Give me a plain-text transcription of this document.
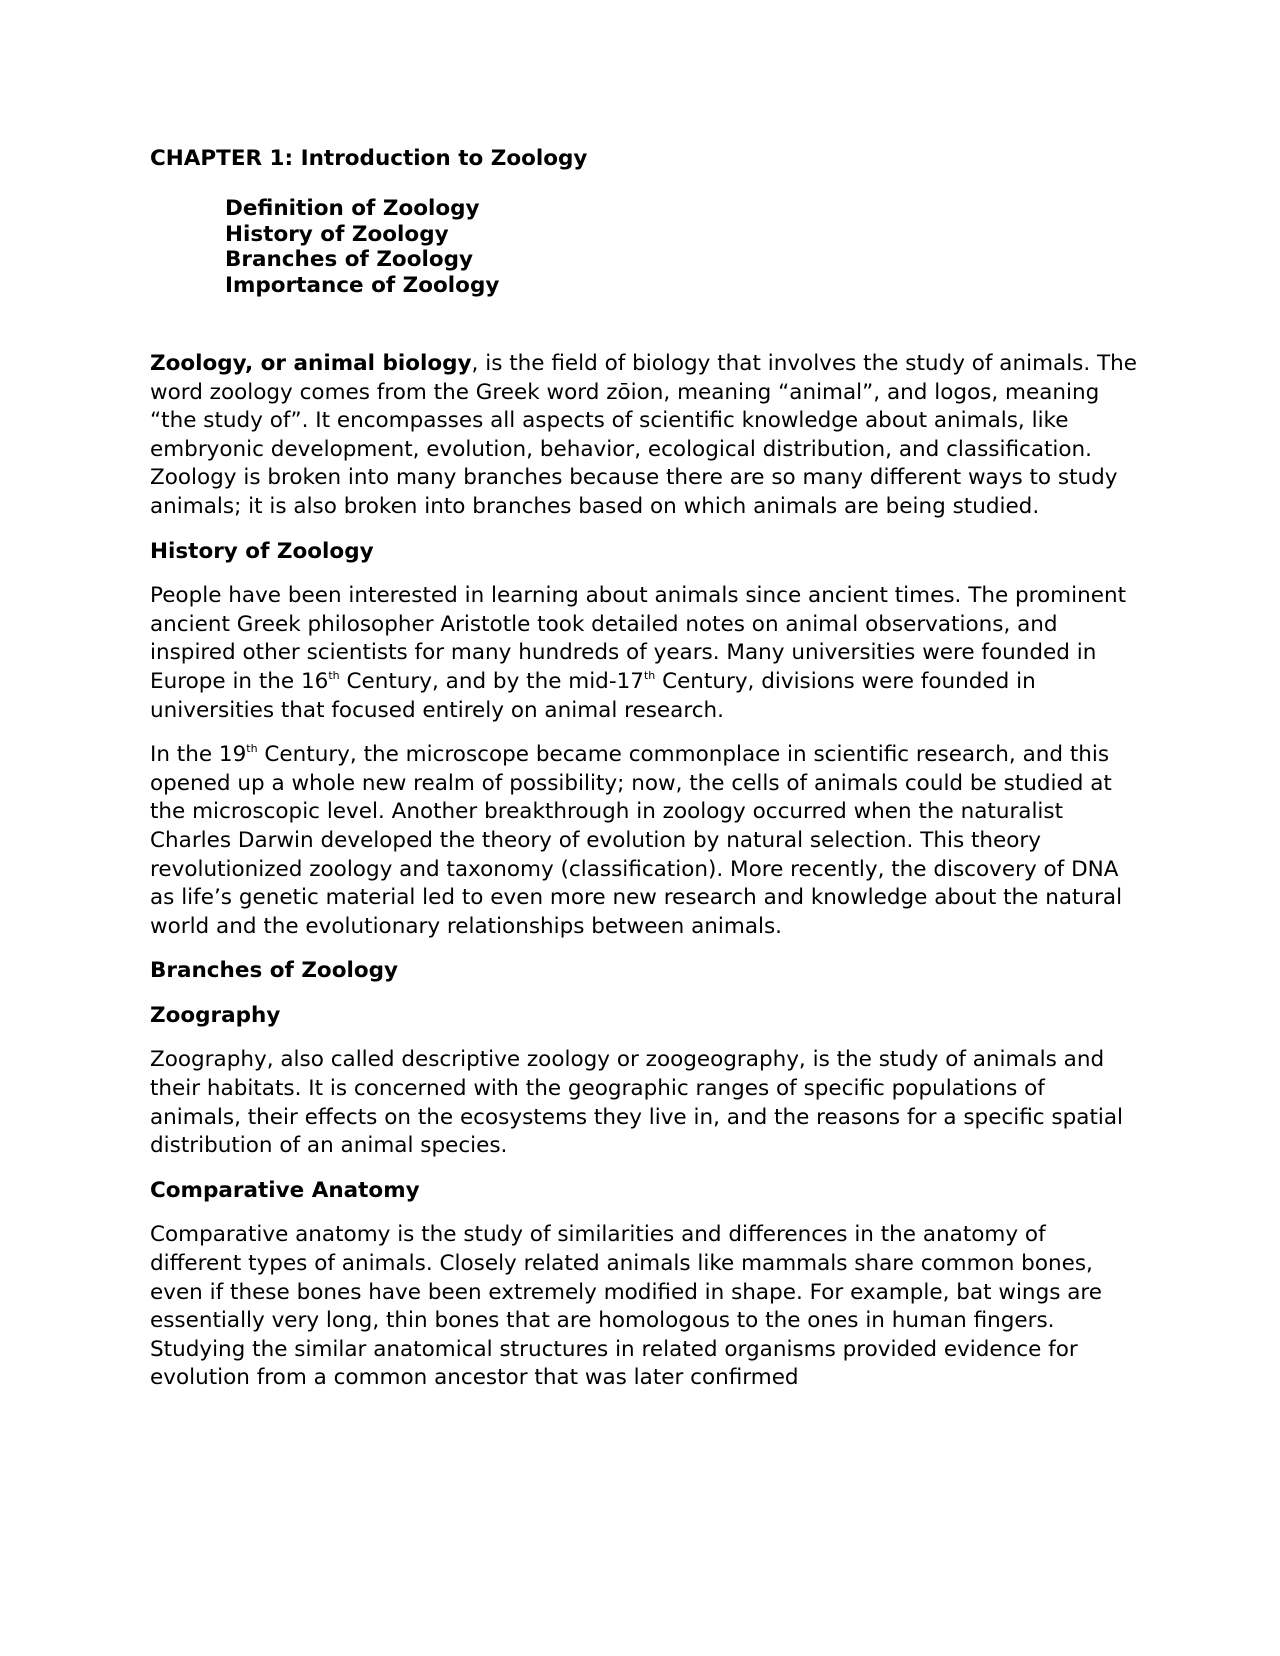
CHAPTER 1: Introduction to Zoology
Definition of Zoology
History of Zoology
Branches of Zoology
Importance of Zoology

Zoology, or animal biology, is the field of biology that involves the study of animals. The word zoology comes from the Greek word zōion, meaning “animal”, and logos, meaning “the study of”. It encompasses all aspects of scientific knowledge about animals, like embryonic development, evolution, behavior, ecological distribution, and classification. Zoology is broken into many branches because there are so many different ways to study animals; it is also broken into branches based on which animals are being studied.

History of Zoology

People have been interested in learning about animals since ancient times. The prominent ancient Greek philosopher Aristotle took detailed notes on animal observations, and inspired other scientists for many hundreds of years. Many universities were founded in Europe in the 16th Century, and by the mid-17th Century, divisions were founded in universities that focused entirely on animal research.

In the 19th Century, the microscope became commonplace in scientific research, and this opened up a whole new realm of possibility; now, the cells of animals could be studied at the microscopic level. Another breakthrough in zoology occurred when the naturalist Charles Darwin developed the theory of evolution by natural selection. This theory revolutionized zoology and taxonomy (classification). More recently, the discovery of DNA as life’s genetic material led to even more new research and knowledge about the natural world and the evolutionary relationships between animals.

Branches of Zoology
Zoography

Zoography, also called descriptive zoology or zoogeography, is the study of animals and their habitats. It is concerned with the geographic ranges of specific populations of animals, their effects on the ecosystems they live in, and the reasons for a specific spatial distribution of an animal species.

Comparative Anatomy

Comparative anatomy is the study of similarities and differences in the anatomy of different types of animals. Closely related animals like mammals share common bones, even if these bones have been extremely modified in shape. For example, bat wings are essentially very long, thin bones that are homologous to the ones in human fingers. Studying the similar anatomical structures in related organisms provided evidence for evolution from a common ancestor that was later confirmed
